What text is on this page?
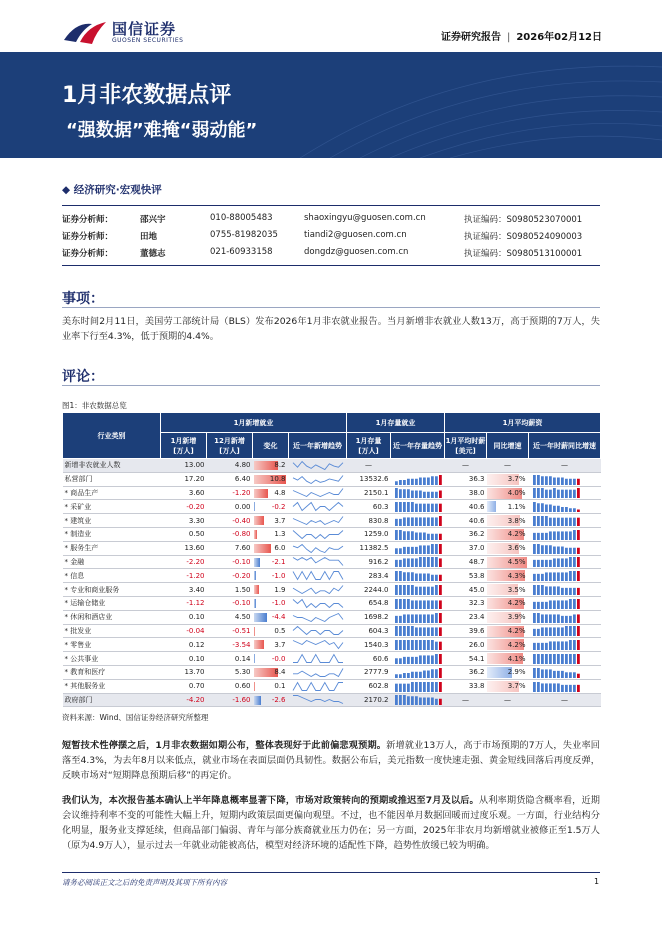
国信证券
GUOSEN SECURITIES	证券研究报告 | 2026年02月12日
1月非农数据点评
“强数据”难掩“弱动能”
◆ 经济研究·宏观快评
证券分析师：	邵兴宇	010-88005483	shaoxingyu@guosen.com.cn	执证编码：S0980523070001
证券分析师：	田地	0755-81982035	tiandi2@guosen.com.cn	执证编码：S0980524090003
证券分析师：	董德志	021-60933158	dongdz@guosen.com.cn	执证编码：S0980513100001
事项：
美东时间2月11日，美国劳工部统计局（BLS）发布2026年1月非农就业报告。当月新增非农就业人数13万，高于预期的7万人，失业率下行至4.3%，低于预期的4.4%。
评论：
图1：非农数据总览
行业类别	1月新增就业				1月存量就业		1月平均薪资		
	1月新增
[万人]	12月新增
[万人]	变化	近一年新增趋势	1月存量
[万人]	近一年存量趋势	1月平均时薪
[美元]	同比增速	近一年时薪同比增速
新增非农就业人数	13.00	4.80	8.2		—		—	—	—
私营部门	17.20	6.40	10.8		13532.6		36.3	3.7%	

* 商品生产	3.60	-1.20	4.8		2150.1		38.0	4.0%	

* 采矿业	-0.20	0.00	-0.2		60.3		40.6	1.1%	

* 建筑业	3.30	-0.40	3.7		830.8		40.6	3.8%	

* 制造业	0.50	-0.80	1.3		1259.0		36.2	4.2%	

* 服务生产	13.60	7.60	6.0		11382.5		37.0	3.6%	

* 金融	-2.20	-0.10	-2.1		916.2		48.7	4.5%	

* 信息	-1.20	-0.20	-1.0		283.4		53.8	4.3%	

* 专业和商业服务	3.40	1.50	1.9		2244.0		45.0	3.5%	

* 运输仓储业	-1.12	-0.10	-1.0		654.8		32.3	4.2%	

* 休闲和酒店业	0.10	4.50	-4.4		1698.2		23.4	3.9%	

* 批发业	-0.04	-0.51	0.5		604.3		39.6	4.2%	

* 零售业	0.12	-3.54	3.7		1540.3		26.0	4.2%	

* 公共事业	0.10	0.14	-0.0		60.6		54.1	4.1%	

* 教育和医疗	13.70	5.30	8.4		2777.9		36.2	2.9%	

* 其他服务业	0.70	0.60	0.1		602.8		33.8	3.7%	

政府部门	-4.20	-1.60	-2.6		2170.2		—	—	—
资料来源：Wind、国信证券经济研究所整理
短暂技术性停摆之后，1月非农数据如期公布，整体表现好于此前偏悲观预期。新增就业13万人，高于市场预期的7万人，失业率回落至4.3%，为去年8月以来低点，就业市场在表面层面仍具韧性。数据公布后，美元指数一度快速走强、黄金短线回落后再度反弹，反映市场对“短期降息预期后移”的再定价。
我们认为，本次报告基本确认上半年降息概率显著下降，市场对政策转向的预期或推迟至7月及以后。从利率期货隐含概率看，近期会议维持利率不变的可能性大幅上升，短期内政策层面更偏向观望。不过，也不能因单月数据回暖而过度乐观。一方面，行业结构分化明显，服务业支撑延续，但商品部门偏弱、青年与部分族裔就业压力仍在；另一方面，2025年非农月均新增就业被修正至1.5万人（原为4.9万人），显示过去一年就业动能被高估，模型对经济环境的适配性下降，趋势性放缓已较为明确。
请务必阅读正文之后的免责声明及其项下所有内容	1
